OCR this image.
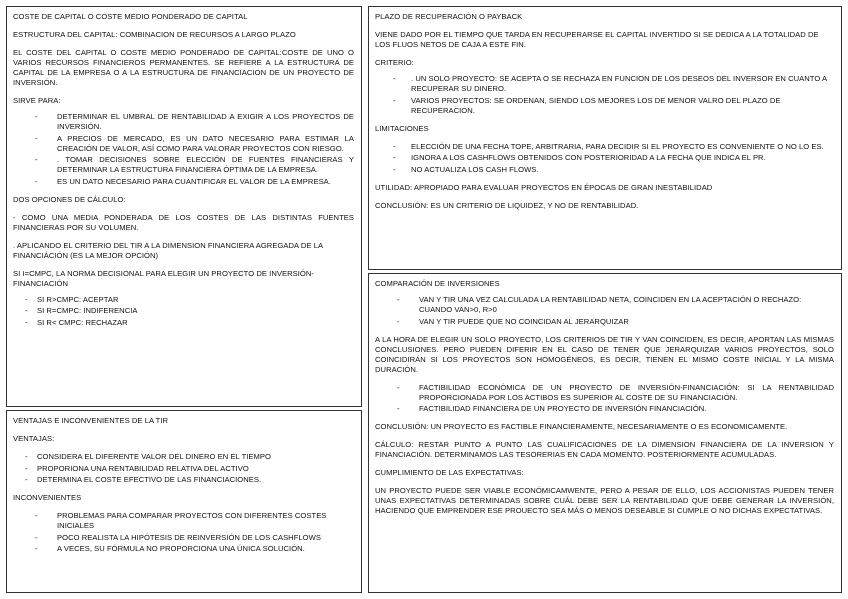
COSTE DE CAPITAL O COSTE MEDIO PONDERADO DE CAPITAL

ESTRUCTURA DEL CAPITAL: COMBINACION DE RECURSOS A LARGO PLAZO

EL COSTE DEL CAPITAL O COSTE MEDIO PONDERADO DE CAPITAL:COSTE DE UNO O VARIOS RECURSOS FINANCIEROS PERMANENTES. SE REFIERE A LA ESTRUCTURA DE CAPITAL DE LA EMPRESA O A LA ESTRUCTURA DE FINANCIACION DE UN PROYECTO DE INVERSIÓN.

SIRVE PARA:

- DETERMINAR EL UMBRAL DE RENTABILIDAD A EXIGIR A LOS PROYECTOS DE INVERSIÓN.
- A PRECIOS DE MERCADO, ES UN DATO NECESARIO PARA ESTIMAR LA CREACIÓN DE VALOR, ASÍ COMO PARA VALORAR PROYECTOS CON RIESGO.
- . TOMAR DECISIONES SOBRE ELECCIÓN DE FUENTES FINANCIERAS Y DETERMINAR LA ESTRUCTURA FINANCIERA ÓPTIMA DE LA EMPRESA.
- ES UN DATO NECESARIO PARA CUANTIFICAR EL VALOR DE LA EMPRESA.

DOS OPCIONES DE CÁLCULO:

- COMO UNA MEDIA PONDERADA DE LOS COSTES DE LAS DISTINTAS FUENTES FINANCIERAS POR SU VOLUMEN.

. APLICANDO EL CRITERIO DEL TIR A LA DIMENSION FINANCIERA AGREGADA DE LA FINANCIÁCIÓN (ES LA MEJOR OPCIÓN)

SI I=CMPC, LA NORMA DECISIONAL PARA ELEGIR UN PROYECTO DE INVERSIÓN-FINANCIACIÓN

- SI R>CMPC: ACEPTAR
- SI R=CMPC: INDIFERENCIA
- SI R< CMPC: RECHAZAR

VENTAJAS E INCONVENIENTES DE LA TIR

VENTAJAS:

- CONSIDERA EL DIFERENTE VALOR DEL DINERO EN EL TIEMPO
- PROPORIONA UNA RENTABILIDAD RELATIVA DEL ACTIVO
- DETERMINA EL COSTE EFECTIVO DE LAS FINANCIACIONES.

INCONVENIENTES

- PROBLEMAS PARA COMPARAR PROYECTOS CON DIFERENTES COSTES INICIALES
- POCO REALISTA LA HIPÓTESIS DE REINVERSIÓN DE LOS CASHFLOWS
- A VECES, SU FÓRMULA NO PROPORCIONA UNA ÚNICA SOLUCIÓN.

PLAZO DE RECUPERACIÓN O PAYBACK

VIENE DADO POR EL TIEMPO QUE TARDA EN RECUPERARSE EL CAPITAL INVERTIDO SI SE DEDICA A LA TOTALIDAD DE LOS FLUOS NETOS DE CAJA A ESTE FIN.

CRITERIO:

- . UN SOLO PROYECTO: SE ACEPTA O SE RECHAZA EN FUNCION DE LOS DESEOS DEL INVERSOR EN CUANTO A RECUPERAR SU DINERO.
- VARIOS PROYECTOS: SE ORDENAN, SIENDO LOS MEJORES LOS DE MENOR VALRO DEL PLAZO DE RECUPERACION.

LIMITACIONES

- ELECCIÓN DE UNA FECHA TOPE, ARBITRARIA, PARA DECIDIR SI EL PROYECTO ES CONVENIENTE O NO LO ES.
- IGNORA A LOS CASHFLOWS OBTENIDOS CON POSTERIORIDAD A LA FECHA QUE INDICA EL PR.
- NO ACTUALIZA LOS CASH FLOWS.

UTILIDAD: APROPIADO PARA EVALUAR PROYECTOS EN ÉPOCAS DE GRAN INESTABILIDAD

CONCLUSIÓN: ES UN CRITERIO DE LIQUIDEZ, Y NO DE RENTABILIDAD.

COMPARACIÓN DE INVERSIONES

- VAN Y TIR UNA VEZ CALCULADA LA RENTABILIDAD NETA, COINCIDEN EN LA ACEPTACIÓN O RECHAZO: CUANDO VAN>0, R>0
- VAN Y TIR PUEDE QUE NO COINCIDAN AL JERARQUIZAR

A LA HORA DE ELEGIR UN SOLO PROYECTO, LOS CRITERIOS DE TIR Y VAN COINCIDEN, ES DECIR, APORTAN LAS MISMAS CONCLUSIONES. PERO PUEDEN DIFERIR EN EL CASO DE TENER QUE JERARQUIZAR VARIOS PROYECTOS, SOLO COINCIDIRÁN SI LOS PROYECTOS SON HOMOGÉNEOS, ES DECIR, TIENEN EL MISMO COSTE INICIAL Y LA MISMA DURACIÓN.

- FACTIBILIDAD ECONÓMICA DE UN PROYECTO DE INVERSIÓN-FINANCIACIÓN: SI LA RENTABILIDAD PROPORCIONADA POR LOS ACTIBOS ES SUPERIOR AL COSTE DE SU FINANCIACIÓN.
- FACTIBILIDAD FINANCIERA DE UN PROYECTO DE INVERSIÓN FINANCIACIÓN.

CONCLUSIÓN: UN PROYECTO ES FACTIBLE FINANCIERAMENTE, NECESARIAMENTE O ES ECONOMICAMENTE.

CÁLCULO: RESTAR PUNTO A PUNTO LAS CUALIFICACIONES DE LA DIMENSION FINANCIERA DE LA INVERSION Y FINANCIACIÓN. DETERMINAMOS LAS TESORERIAS EN CADA MOMENTO. POSTERIORMENTE ACUMULADAS.

CUMPLIMIENTO DE LAS EXPECTATIVAS:

UN PROYECTO PUEDE SER VIABLE ECONÓMICAMWENTE, PERO A PESAR DE ELLO, LOS ACCIONISTAS PUEDEN TENER UNAS EXPECTATIVAS DETERMINADAS SOBRE CUÁL DEBE SER LA RENTABILIDAD QUE DEBE GENERAR LA INVERSIÓN, HACIENDO QUE EMPRENDER ESE PROUECTO SEA MÁS O MENOS DESEABLE SI CUMPLE O NO DICHAS EXPECTATIVAS.
